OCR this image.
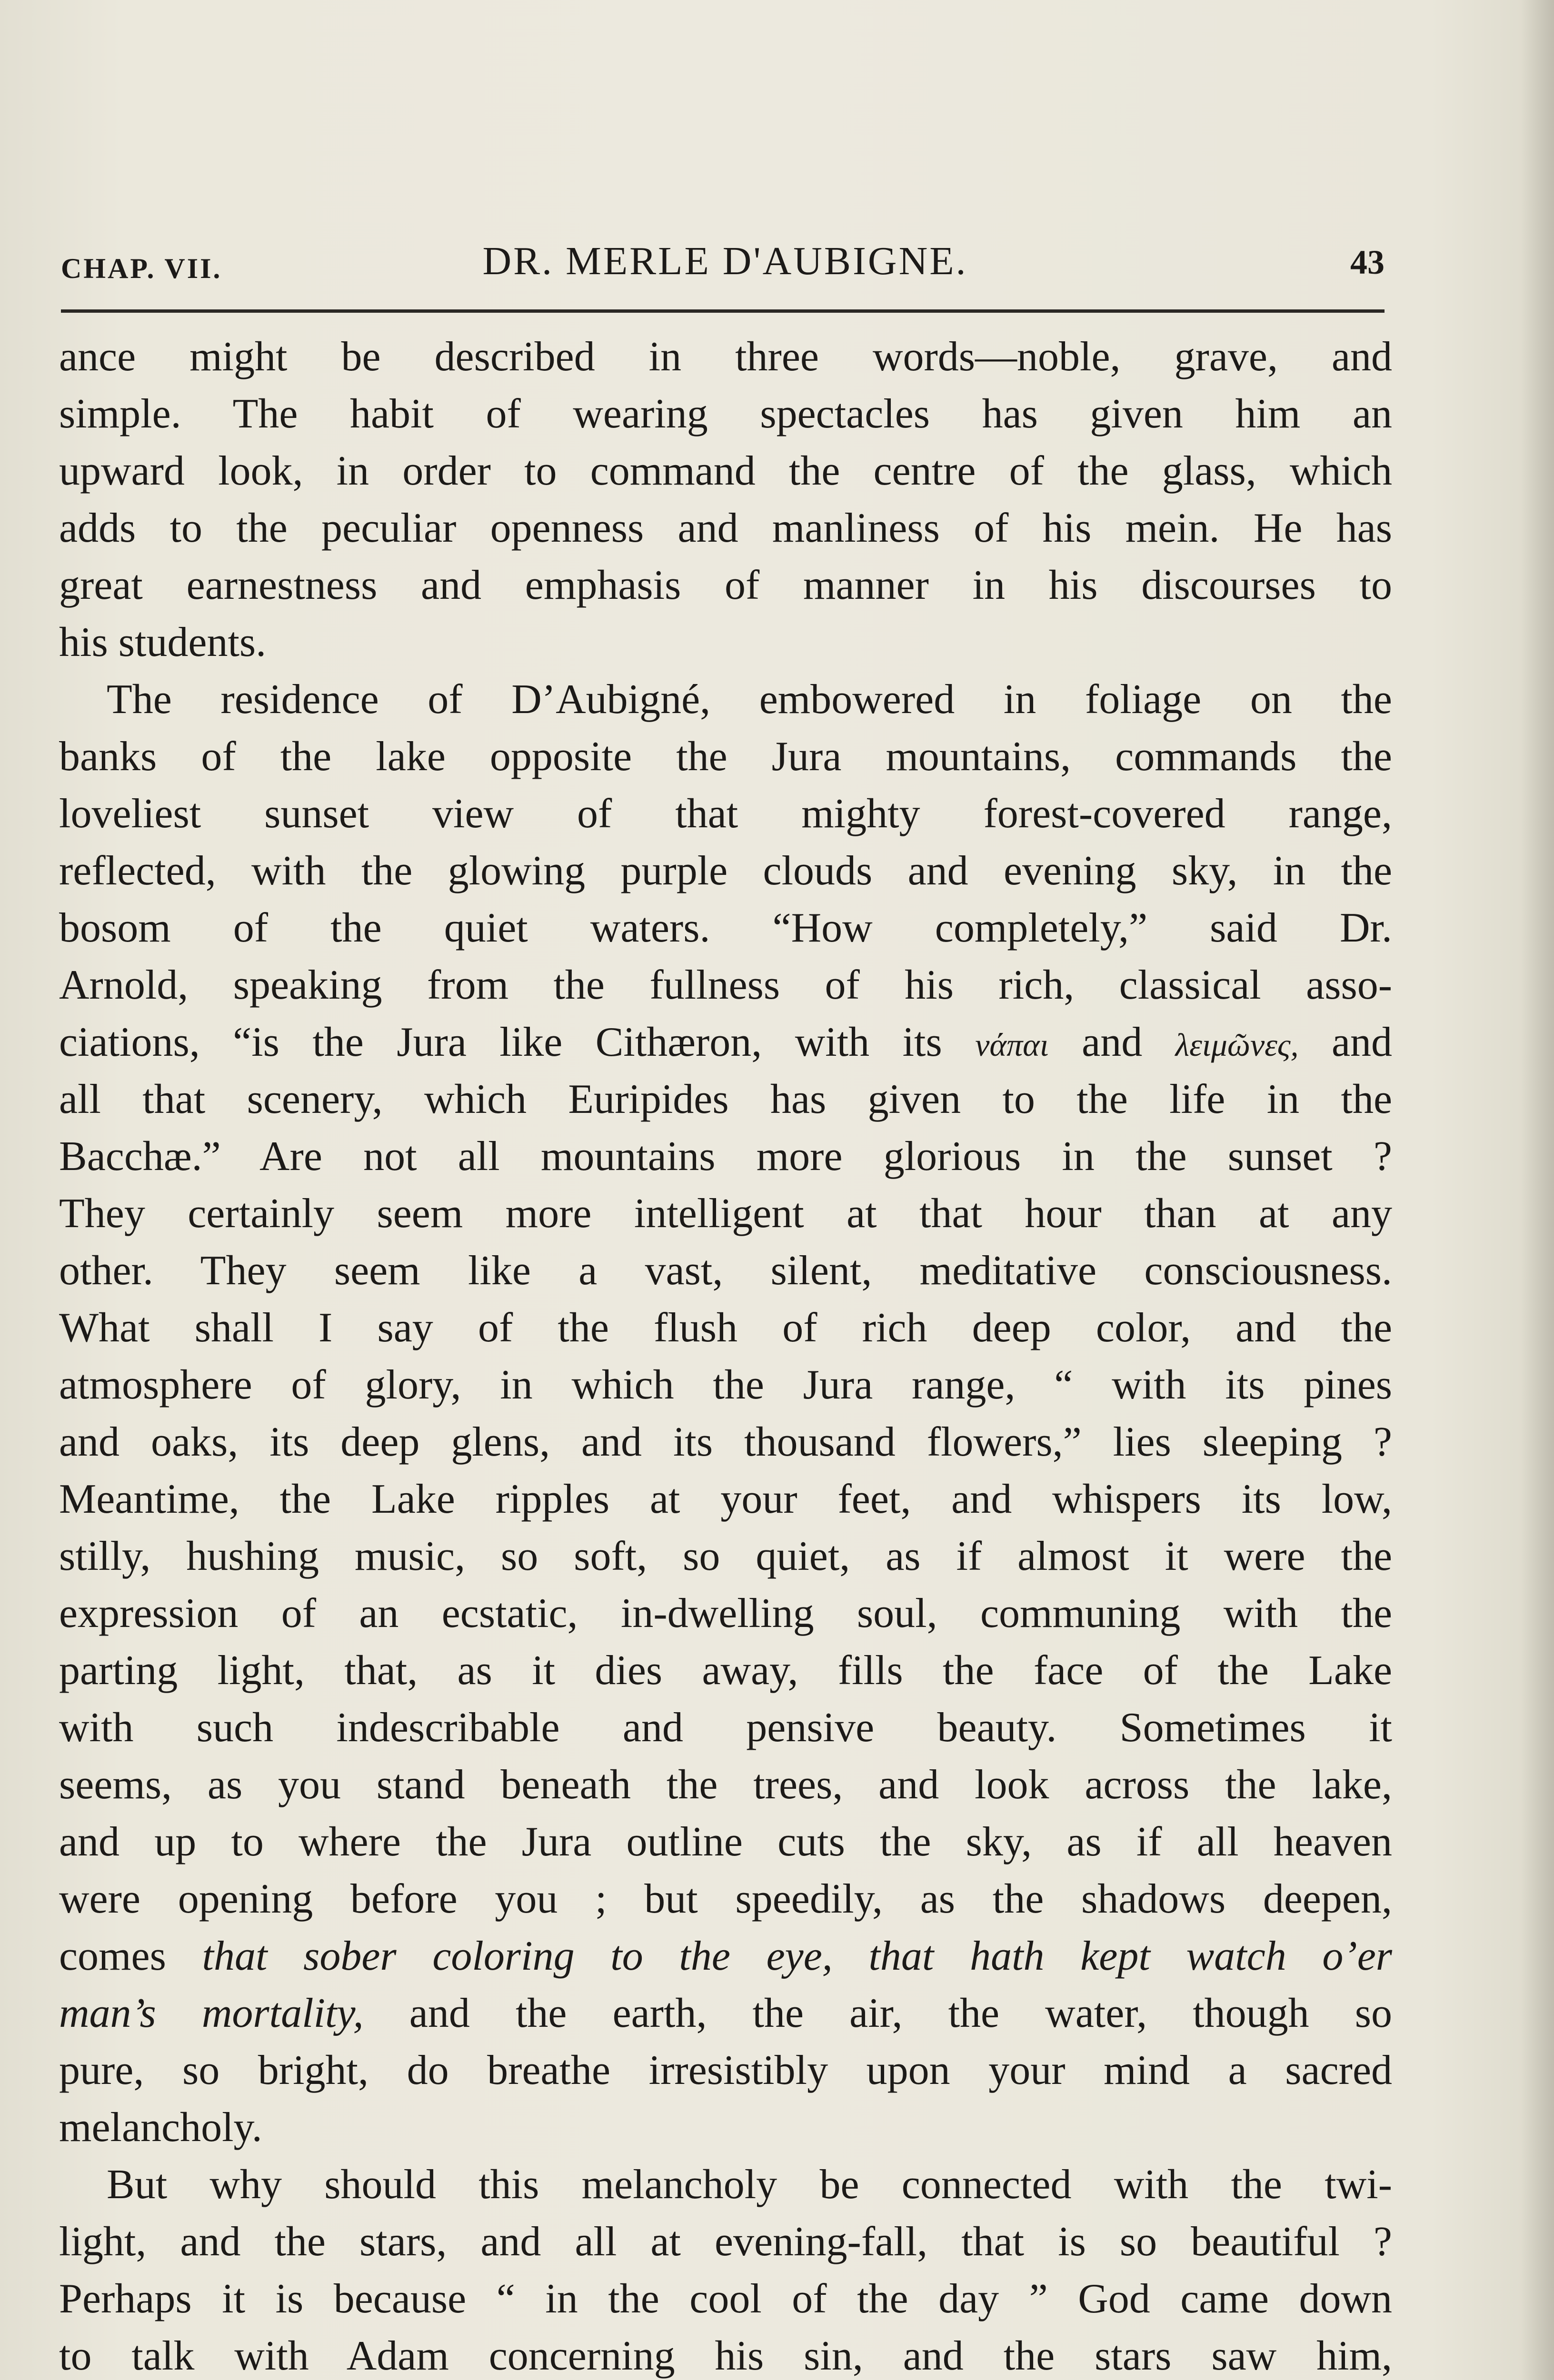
CHAP. VII.	DR. MERLE D'AUBIGNE.	43
ance might be described in three words—noble, grave, and
simple. The habit of wearing spectacles has given him an
upward look, in order to command the centre of the glass, which
adds to the peculiar openness and manliness of his mein. He has
great earnestness and emphasis of manner in his discourses to
his students.
The residence of D’Aubigné, embowered in foliage on the
banks of the lake opposite the Jura mountains, commands the
loveliest sunset view of that mighty forest-covered range,
reflected, with the glowing purple clouds and evening sky, in the
bosom of the quiet waters. “How completely,” said Dr.
Arnold, speaking from the fullness of his rich, classical asso-
ciations, “is the Jura like Cithæron, with its νάπαι and λειμῶνες, and
all that scenery, which Euripides has given to the life in the
Bacchæ.” Are not all mountains more glorious in the sunset ?
They certainly seem more intelligent at that hour than at any
other. They seem like a vast, silent, meditative consciousness.
What shall I say of the flush of rich deep color, and the
atmosphere of glory, in which the Jura range, “ with its pines
and oaks, its deep glens, and its thousand flowers,” lies sleeping ?
Meantime, the Lake ripples at your feet, and whispers its low,
stilly, hushing music, so soft, so quiet, as if almost it were the
expression of an ecstatic, in-dwelling soul, communing with the
parting light, that, as it dies away, fills the face of the Lake
with such indescribable and pensive beauty. Sometimes it
seems, as you stand beneath the trees, and look across the lake,
and up to where the Jura outline cuts the sky, as if all heaven
were opening before you ; but speedily, as the shadows deepen,
comes that sober coloring to the eye, that hath kept watch o’er
man’s mortality, and the earth, the air, the water, though so
pure, so bright, do breathe irresistibly upon your mind a sacred
melancholy.
But why should this melancholy be connected with the twi-
light, and the stars, and all at evening-fall, that is so beautiful ?
Perhaps it is because “ in the cool of the day ” God came down
to talk with Adam concerning his sin, and the stars saw him,
